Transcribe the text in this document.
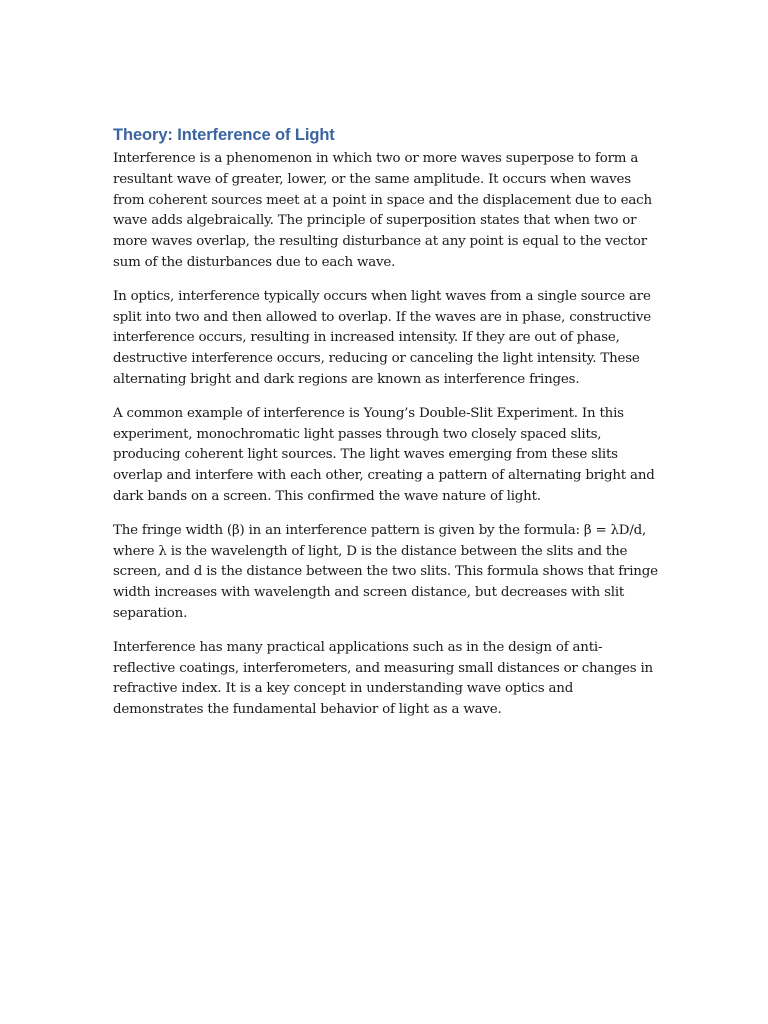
Theory: Interference of Light

Interference is a phenomenon in which two or more waves superpose to form a resultant wave of greater, lower, or the same amplitude. It occurs when waves from coherent sources meet at a point in space and the displacement due to each wave adds algebraically. The principle of superposition states that when two or more waves overlap, the resulting disturbance at any point is equal to the vector sum of the disturbances due to each wave.

In optics, interference typically occurs when light waves from a single source are split into two and then allowed to overlap. If the waves are in phase, constructive interference occurs, resulting in increased intensity. If they are out of phase, destructive interference occurs, reducing or canceling the light intensity. These alternating bright and dark regions are known as interference fringes.

A common example of interference is Young’s Double-Slit Experiment. In this experiment, monochromatic light passes through two closely spaced slits, producing coherent light sources. The light waves emerging from these slits overlap and interfere with each other, creating a pattern of alternating bright and dark bands on a screen. This confirmed the wave nature of light.

The fringe width (β) in an interference pattern is given by the formula: β = λD/d, where λ is the wavelength of light, D is the distance between the slits and the screen, and d is the distance between the two slits. This formula shows that fringe width increases with wavelength and screen distance, but decreases with slit separation.

Interference has many practical applications such as in the design of anti-reflective coatings, interferometers, and measuring small distances or changes in refractive index. It is a key concept in understanding wave optics and demonstrates the fundamental behavior of light as a wave.
